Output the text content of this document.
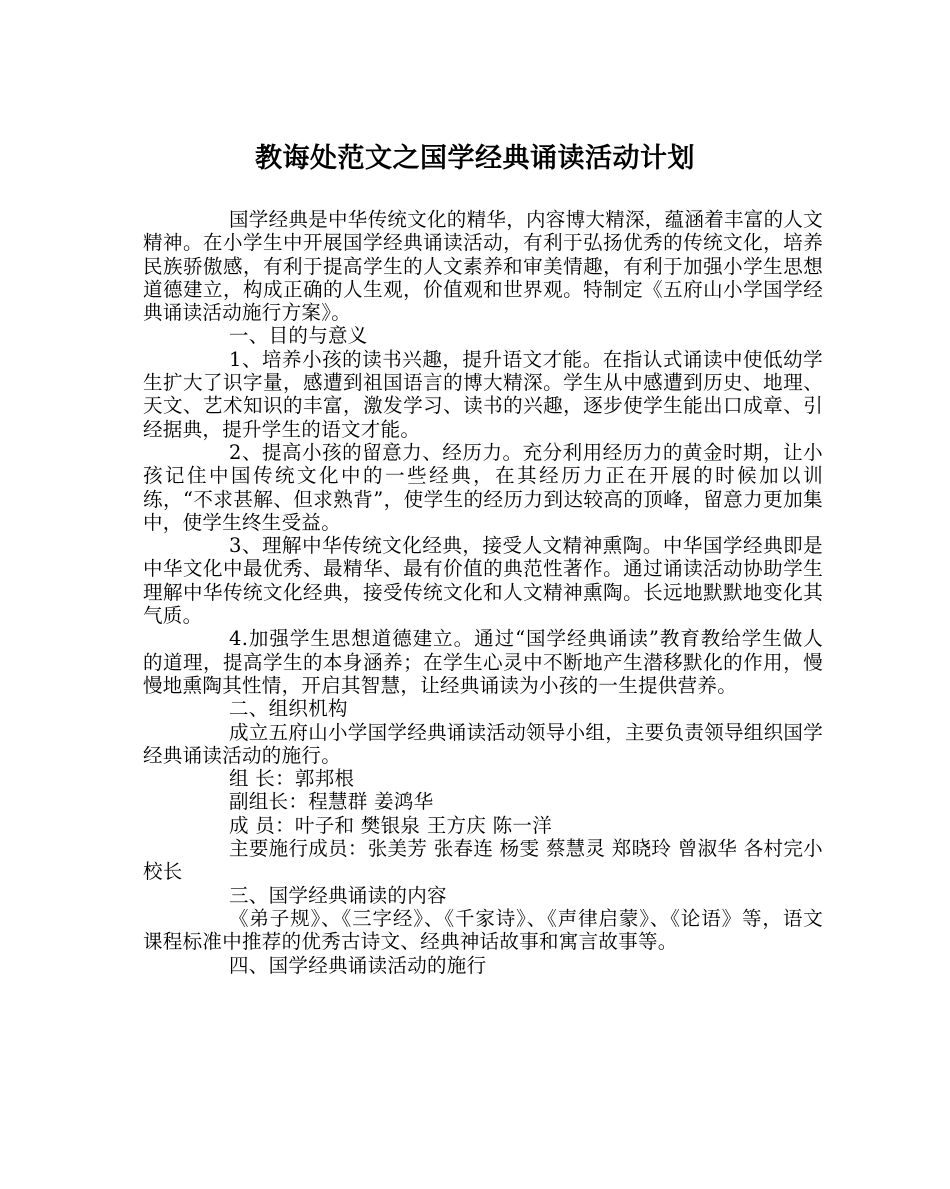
教诲处范文之国学经典诵读活动计划

国学经典是中华传统文化的精华，内容博大精深，蕴涵着丰富的人文精神。在小学生中开展国学经典诵读活动，有利于弘扬优秀的传统文化，培养民族骄傲感，有利于提高学生的人文素养和审美情趣，有利于加强小学生思想道德建立，构成正确的人生观，价值观和世界观。特制定《五府山小学国学经典诵读活动施行方案》。

一、目的与意义

1、培养小孩的读书兴趣，提升语文才能。在指认式诵读中使低幼学生扩大了识字量，感遭到祖国语言的博大精深。学生从中感遭到历史、地理、天文、艺术知识的丰富，激发学习、读书的兴趣，逐步使学生能出口成章、引经据典，提升学生的语文才能。

2、提高小孩的留意力、经历力。充分利用经历力的黄金时期，让小孩记住中国传统文化中的一些经典，在其经历力正在开展的时候加以训练，“不求甚解、但求熟背”，使学生的经历力到达较高的顶峰，留意力更加集中，使学生终生受益。

3、理解中华传统文化经典，接受人文精神熏陶。中华国学经典即是中华文化中最优秀、最精华、最有价值的典范性著作。通过诵读活动协助学生理解中华传统文化经典，接受传统文化和人文精神熏陶。长远地默默地变化其气质。

4.加强学生思想道德建立。通过“国学经典诵读”教育教给学生做人的道理，提高学生的本身涵养；在学生心灵中不断地产生潜移默化的作用，慢慢地熏陶其性情，开启其智慧，让经典诵读为小孩的一生提供营养。

二、组织机构

成立五府山小学国学经典诵读活动领导小组，主要负责领导组织国学经典诵读活动的施行。

组 长：郭邦根

副组长：程慧群 姜鸿华

成 员：叶子和 樊银泉 王方庆 陈一洋

主要施行成员：张美芳 张春连 杨雯 蔡慧灵 郑晓玲 曾淑华 各村完小校长

三、国学经典诵读的内容

《弟子规》、《三字经》、《千家诗》、《声律启蒙》、《论语》等，语文课程标准中推荐的优秀古诗文、经典神话故事和寓言故事等。

四、国学经典诵读活动的施行
